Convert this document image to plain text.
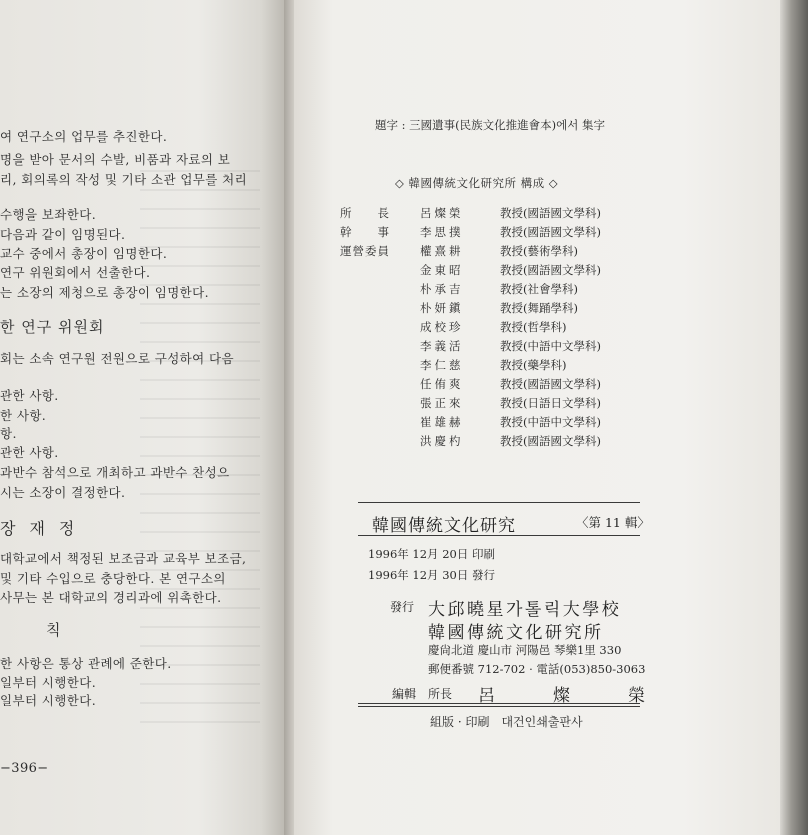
여 연구소의 업무를 추진한다.
명을 받아 문서의 수발, 비품과 자료의 보
리, 회의록의 작성 및 기타 소관 업무를 처리
수행을 보좌한다.
다음과 같이 임명된다.
교수 중에서 총장이 임명한다.
연구 위원회에서 선출한다.
는 소장의 제청으로 총장이 임명한다.
한 연구 위원회
회는 소속 연구원 전원으로 구성하여 다음
관한 사항.
한 사항.
항.
관한 사항.
과반수 참석으로 개최하고 과반수 찬성으
시는 소장이 결정한다.
장재정
대학교에서 책정된 보조금과 교육부 보조금,
및 기타 수입으로 충당한다. 본 연구소의
사무는 본 대학교의 경리과에 위촉한다.
칙
한 사항은 통상 관례에 준한다.
일부터 시행한다.
일부터 시행한다.
−396−
題字 : 三國遺事(民族文化推進會本)에서 集字
◇ 韓國傳統文化研究所 構成 ◇
所　　長	呂燦榮	教授(國語國文學科)
幹　　事	李思撲	教授(國語國文學科)
運營委員	權熹耕	教授(藝術學科)
金東昭	教授(國語國文學科)
朴承吉	教授(社會學科)
朴妍鎭	教授(舞踊學科)
成校珍	教授(哲學科)
李義活	教授(中語中文學科)
李仁慈	教授(藥學科)
任侑爽	教授(國語國文學科)
張正來	教授(日語日文學科)
崔雄赫	教授(中語中文學科)
洪慶杓	教授(國語國文學科)
韓國傳統文化研究	〈第 11 輯〉
1996年 12月 20日 印刷
1996年 12月 30日 發行
發行 大邱曉星가톨릭大學校
韓國傳統文化研究所
慶尙北道 慶山市 河陽邑 琴樂1里 330
郵便番號 712-702 · 電話(053)850-3063
編輯　所長 呂燦榮
組版 · 印刷　대건인쇄출판사
